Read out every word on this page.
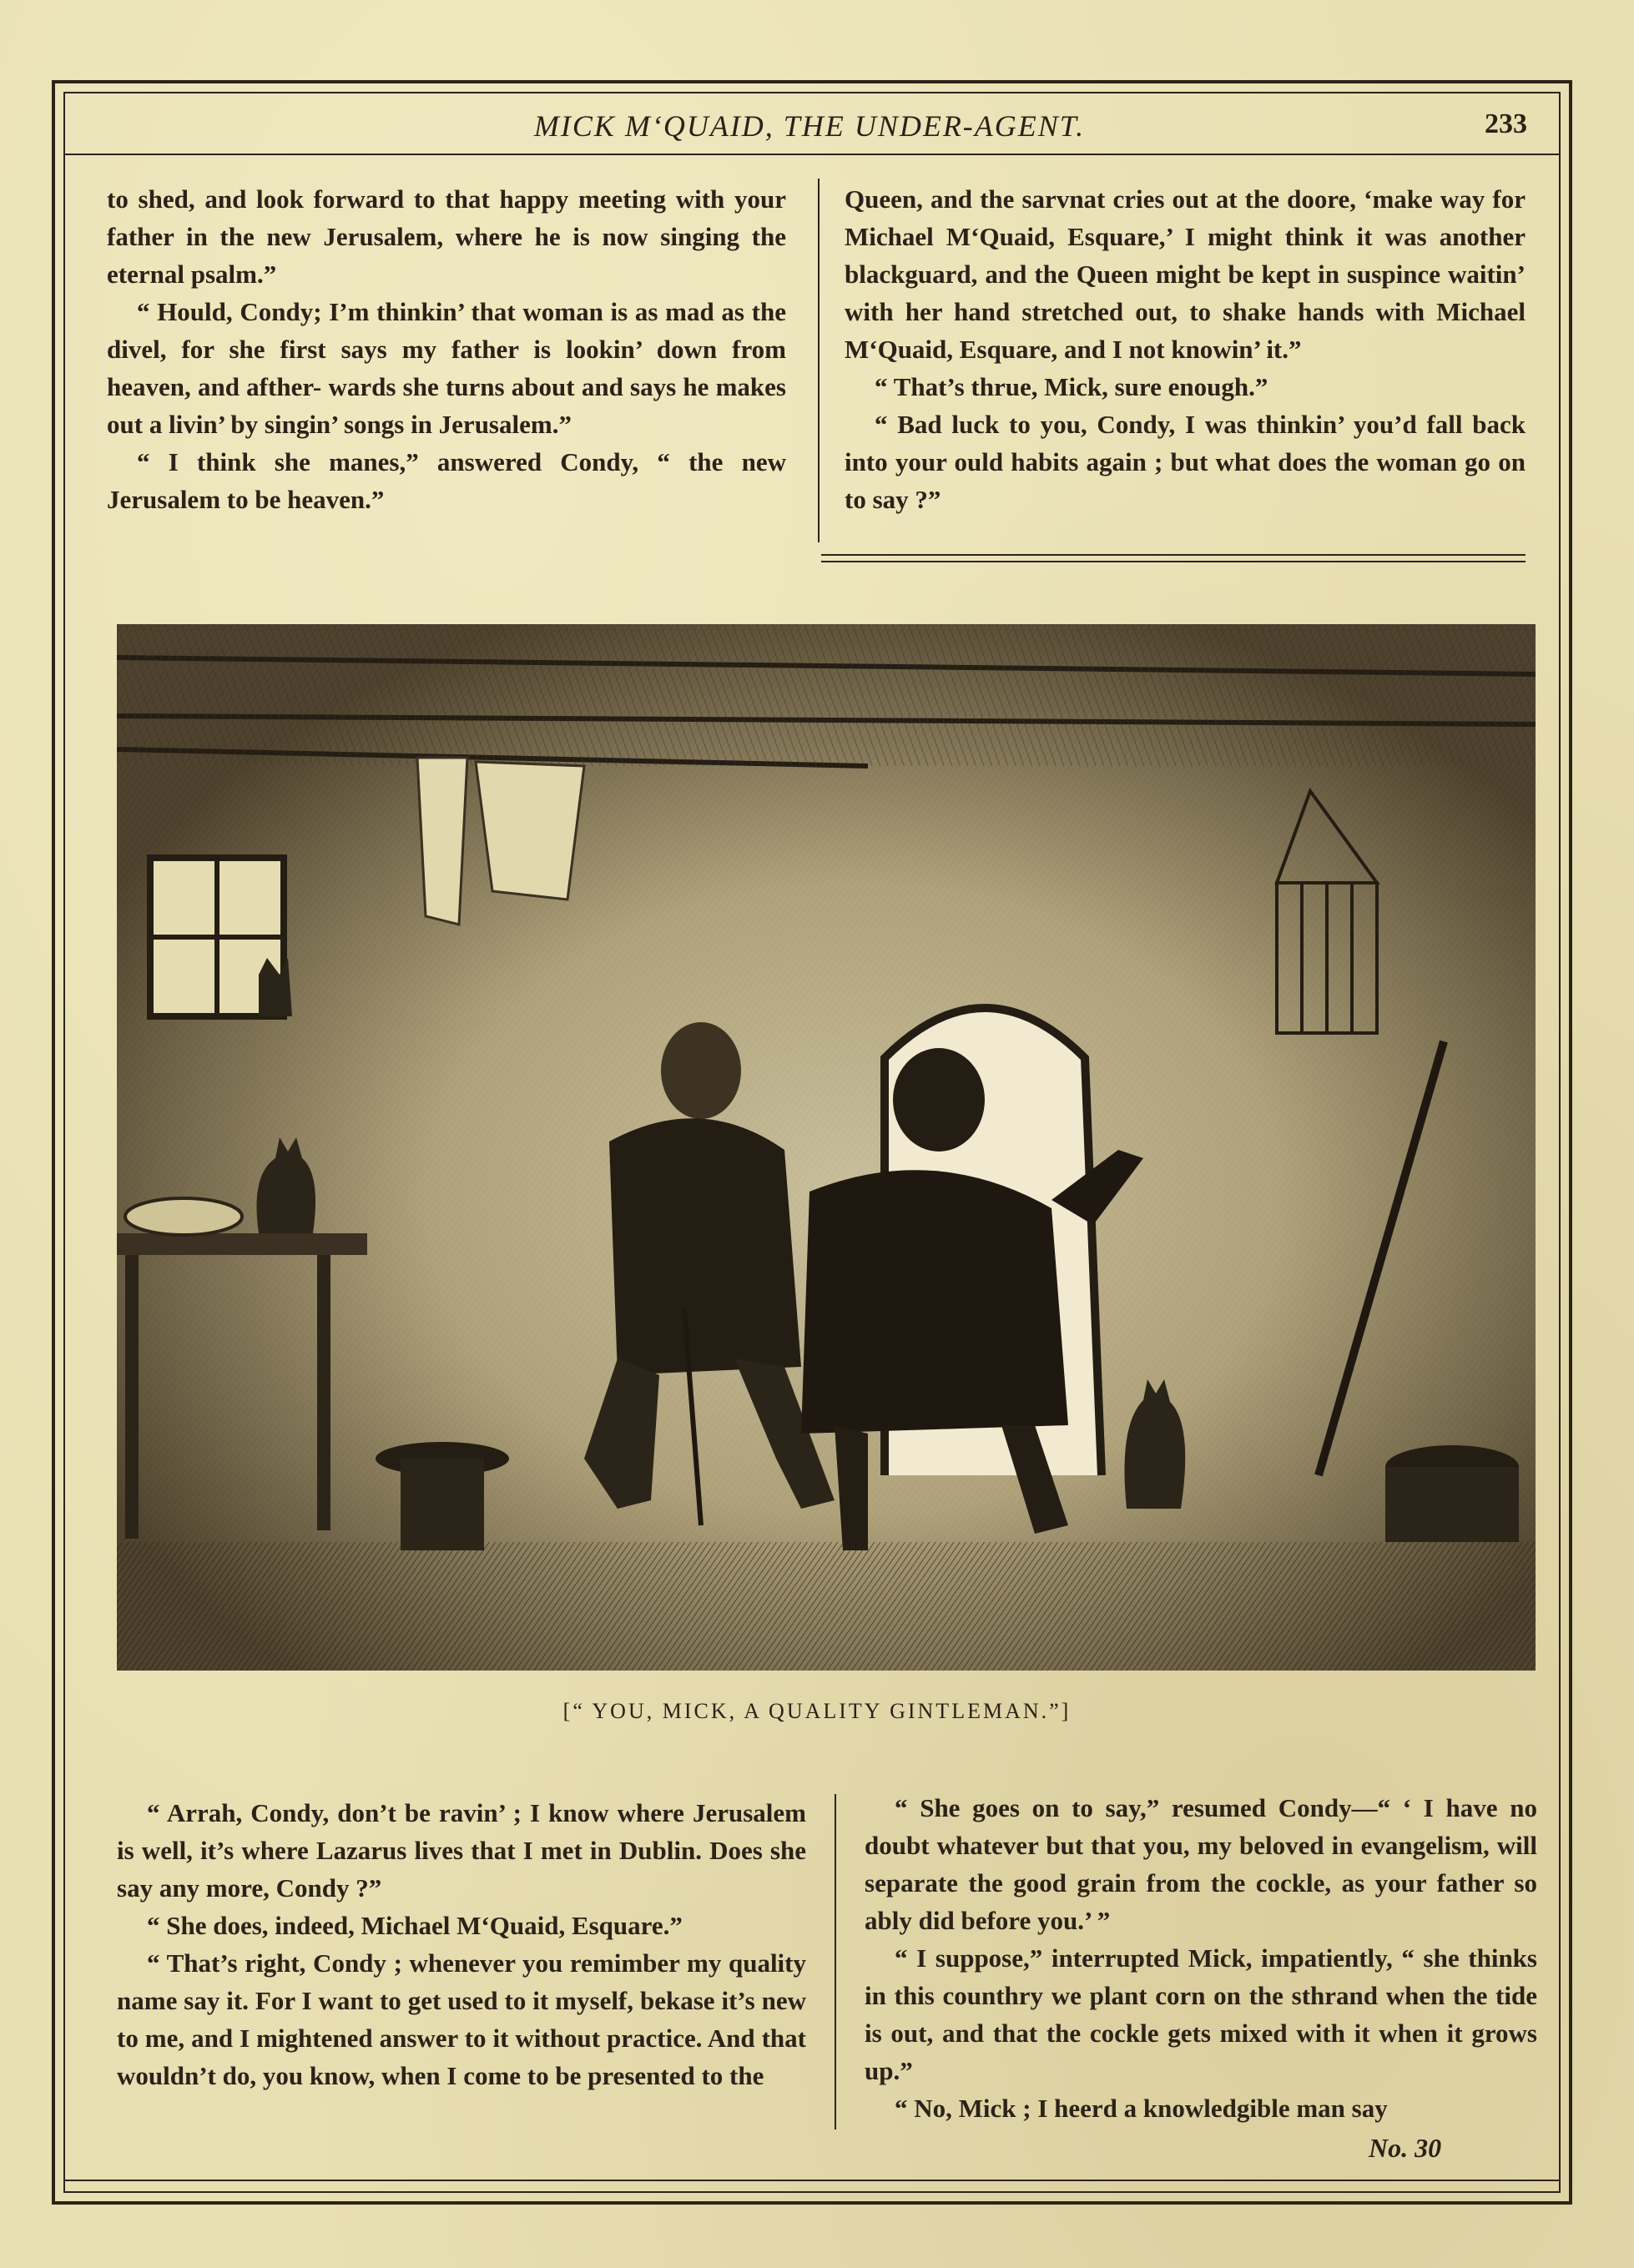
MICK M‘QUAID, THE UNDER-AGENT.	233

to shed, and look forward to that happy meeting with your father in the new Jerusalem, where he is now singing the eternal psalm.”

“ Hould, Condy; I’m thinkin’ that woman is as mad as the divel, for she first says my father is lookin’ down from heaven, and afther- wards she turns about and says he makes out a livin’ by singin’ songs in Jerusalem.”

“ I think she manes,” answered Condy, “ the new Jerusalem to be heaven.”

Queen, and the sarvnat cries out at the doore, ‘make way for Michael M‘Quaid, Esquare,’ I might think it was another blackguard, and the Queen might be kept in suspince waitin’ with her hand stretched out, to shake hands with Michael M‘Quaid, Esquare, and I not knowin’ it.”

“ That’s thrue, Mick, sure enough.”

“ Bad luck to you, Condy, I was thinkin’ you’d fall back into your ould habits again ; but what does the woman go on to say ?”

[“ YOU, MICK, A QUALITY GINTLEMAN.”]

“ Arrah, Condy, don’t be ravin’ ; I know where Jerusalem is well, it’s where Lazarus lives that I met in Dublin. Does she say any more, Condy ?”

“ She does, indeed, Michael M‘Quaid, Esquare.”

“ That’s right, Condy ; whenever you remimber my quality name say it. For I want to get used to it myself, bekase it’s new to me, and I mightened answer to it without practice. And that wouldn’t do, you know, when I come to be presented to the

“ She goes on to say,” resumed Condy—“ ‘ I have no doubt whatever but that you, my beloved in evangelism, will separate the good grain from the cockle, as your father so ably did before you.’ ”

“ I suppose,” interrupted Mick, impatiently, “ she thinks in this counthry we plant corn on the sthrand when the tide is out, and that the cockle gets mixed with it when it grows up.”

“ No, Mick ; I heerd a knowledgible man say

No. 30
